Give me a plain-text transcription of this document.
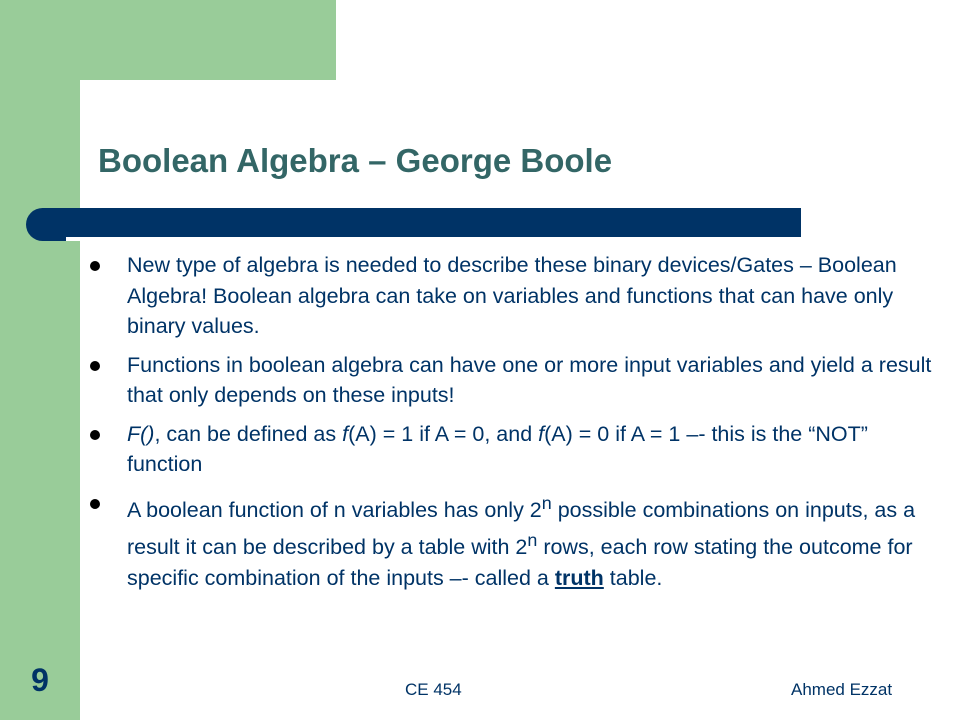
Boolean Algebra – George Boole
New type of algebra is needed to describe these binary devices/Gates – Boolean Algebra! Boolean algebra can take on variables and functions that can have only binary values.
Functions in boolean algebra can have one or more input variables and yield a result that only depends on these inputs!
F(), can be defined as f(A) = 1 if A = 0, and f(A) = 0 if A = 1 –- this is the “NOT” function
A boolean function of n variables has only 2$^n$ possible combinations on inputs, as a result it can be described by a table with 2$^n$ rows, each row stating the outcome for specific combination of the inputs –- called a truth table.
9	CE 454	Ahmed Ezzat
